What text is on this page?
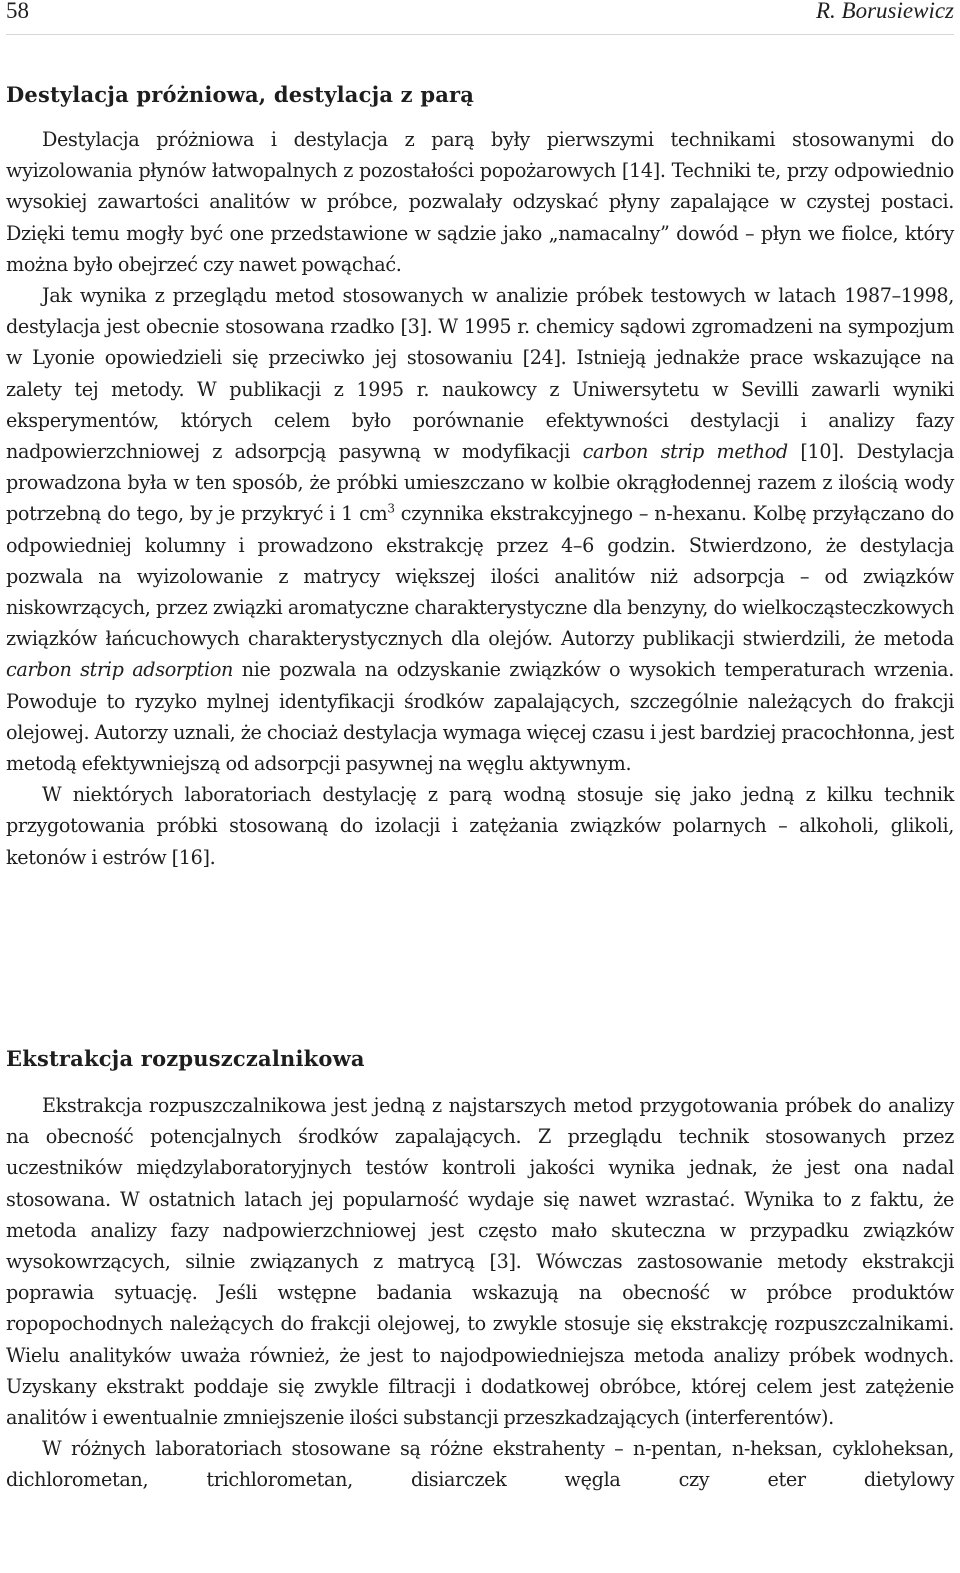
58	R. Borusiewicz
Destylacja próżniowa, destylacja z parą

Destylacja próżniowa i destylacja z parą były pierwszymi technikami stosowanymi do wyizolowania płynów łatwopalnych z pozostałości popożarowych [14]. Techniki te, przy odpowiednio wysokiej zawartości analitów w próbce, pozwalały odzyskać płyny zapalające w czystej postaci. Dzięki temu mogły być one przedstawione w sądzie jako „namacalny” dowód – płyn we fiolce, który można było obejrzeć czy nawet powąchać.

Jak wynika z przeglądu metod stosowanych w analizie próbek testowych w latach 1987–1998, destylacja jest obecnie stosowana rzadko [3]. W 1995 r. chemicy sądowi zgromadzeni na sympozjum w Lyonie opowiedzieli się przeciwko jej stosowaniu [24]. Istnieją jednakże prace wskazujące na zalety tej metody. W publikacji z 1995 r. naukowcy z Uniwersytetu w Sevilli zawarli wyniki eksperymentów, których celem było porównanie efektywności destylacji i analizy fazy nadpowierzchniowej z adsorpcją pasywną w modyfikacji carbon strip method [10]. Destylacja prowadzona była w ten sposób, że próbki umieszczano w kolbie okrągłodennej razem z ilością wody potrzebną do tego, by je przykryć i 1 $cm^3$ czynnika ekstrakcyjnego – n-hexanu. Kolbę przyłączano do odpowiedniej kolumny i prowadzono ekstrakcję przez 4–6 godzin. Stwierdzono, że destylacja pozwala na wyizolowanie z matrycy większej ilości analitów niż adsorpcja – od związków niskowrzących, przez związki aromatyczne charakterystyczne dla benzyny, do wielkocząsteczkowych związków łańcuchowych charakterystycznych dla olejów. Autorzy publikacji stwierdzili, że metoda carbon strip adsorption nie pozwala na odzyskanie związków o wysokich temperaturach wrzenia. Powoduje to ryzyko mylnej identyfikacji środków zapalających, szczególnie należących do frakcji olejowej. Autorzy uznali, że chociaż destylacja wymaga więcej czasu i jest bardziej pracochłonna, jest metodą efektywniejszą od adsorpcji pasywnej na węglu aktywnym.

W niektórych laboratoriach destylację z parą wodną stosuje się jako jedną z kilku technik przygotowania próbki stosowaną do izolacji i zatężania związków polarnych – alkoholi, glikoli, ketonów i estrów [16].

Ekstrakcja rozpuszczalnikowa

Ekstrakcja rozpuszczalnikowa jest jedną z najstarszych metod przygotowania próbek do analizy na obecność potencjalnych środków zapalających. Z przeglądu technik stosowanych przez uczestników międzylaboratoryjnych testów kontroli jakości wynika jednak, że jest ona nadal stosowana. W ostatnich latach jej popularność wydaje się nawet wzrastać. Wynika to z faktu, że metoda analizy fazy nadpowierzchniowej jest często mało skuteczna w przypadku związków wysokowrzących, silnie związanych z matrycą [3]. Wówczas zastosowanie metody ekstrakcji poprawia sytuację. Jeśli wstępne badania wskazują na obecność w próbce produktów ropopochodnych należących do frakcji olejowej, to zwykle stosuje się ekstrakcję rozpuszczalnikami. Wielu analityków uważa również, że jest to najodpowiedniejsza metoda analizy próbek wodnych. Uzyskany ekstrakt poddaje się zwykle filtracji i dodatkowej obróbce, której celem jest zatężenie analitów i ewentualnie zmniejszenie ilości substancji przeszkadzających (interferentów).

W różnych laboratoriach stosowane są różne ekstrahenty – n-pentan, n-heksan, cykloheksan, dichlorometan, trichlorometan, disiarczek węgla czy eter dietylowy
